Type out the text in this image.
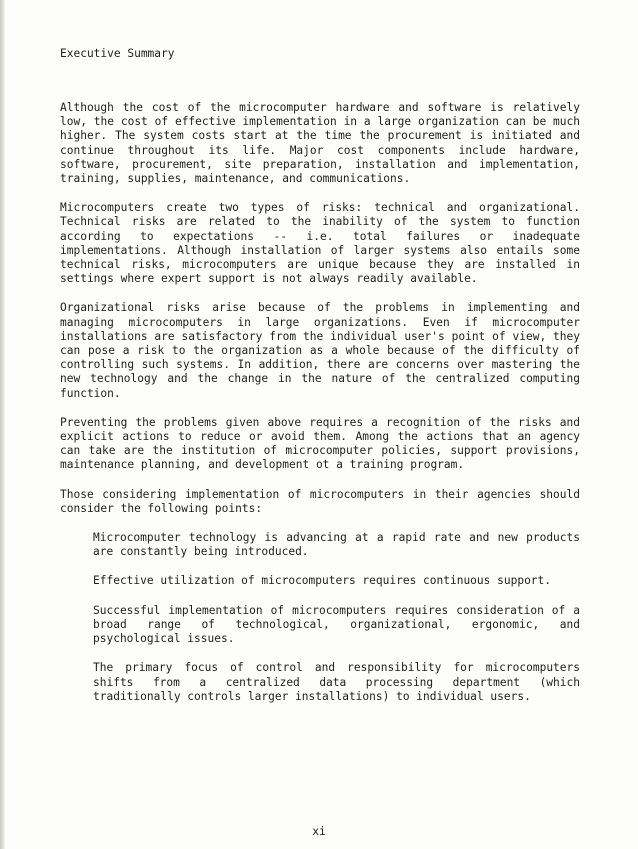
Executive Summary

Although the cost of the microcomputer hardware and software is relatively low, the cost of effective implementation in a large organization can be much higher. The system costs start at the time the procurement is initiated and continue throughout its life. Major cost components include hardware, software, procurement, site preparation, installation and implementation, training, supplies, maintenance, and communications.

Microcomputers create two types of risks: technical and organizational. Technical risks are related to the inability of the system to function according to expectations -- i.e. total failures or inadequate implementations. Although installation of larger systems also entails some technical risks, microcomputers are unique because they are installed in settings where expert support is not always readily available.

Organizational risks arise because of the problems in implementing and managing microcomputers in large organizations. Even if microcomputer installations are satisfactory from the individual user's point of view, they can pose a risk to the organization as a whole because of the difficulty of controlling such systems. In addition, there are concerns over mastering the new technology and the change in the nature of the centralized computing function.

Preventing the problems given above requires a recognition of the risks and explicit actions to reduce or avoid them. Among the actions that an agency can take are the institution of microcomputer policies, support provisions, maintenance planning, and development ot a training program.

Those considering implementation of microcomputers in their agencies should consider the following points:

Microcomputer technology is advancing at a rapid rate and new products are constantly being introduced.

Effective utilization of microcomputers requires continuous support.

Successful implementation of microcomputers requires consideration of a broad range of technological, organizational, ergonomic, and psychological issues.

The primary focus of control and responsibility for microcomputers shifts from a centralized data processing department (which traditionally controls larger installations) to individual users.

xi
